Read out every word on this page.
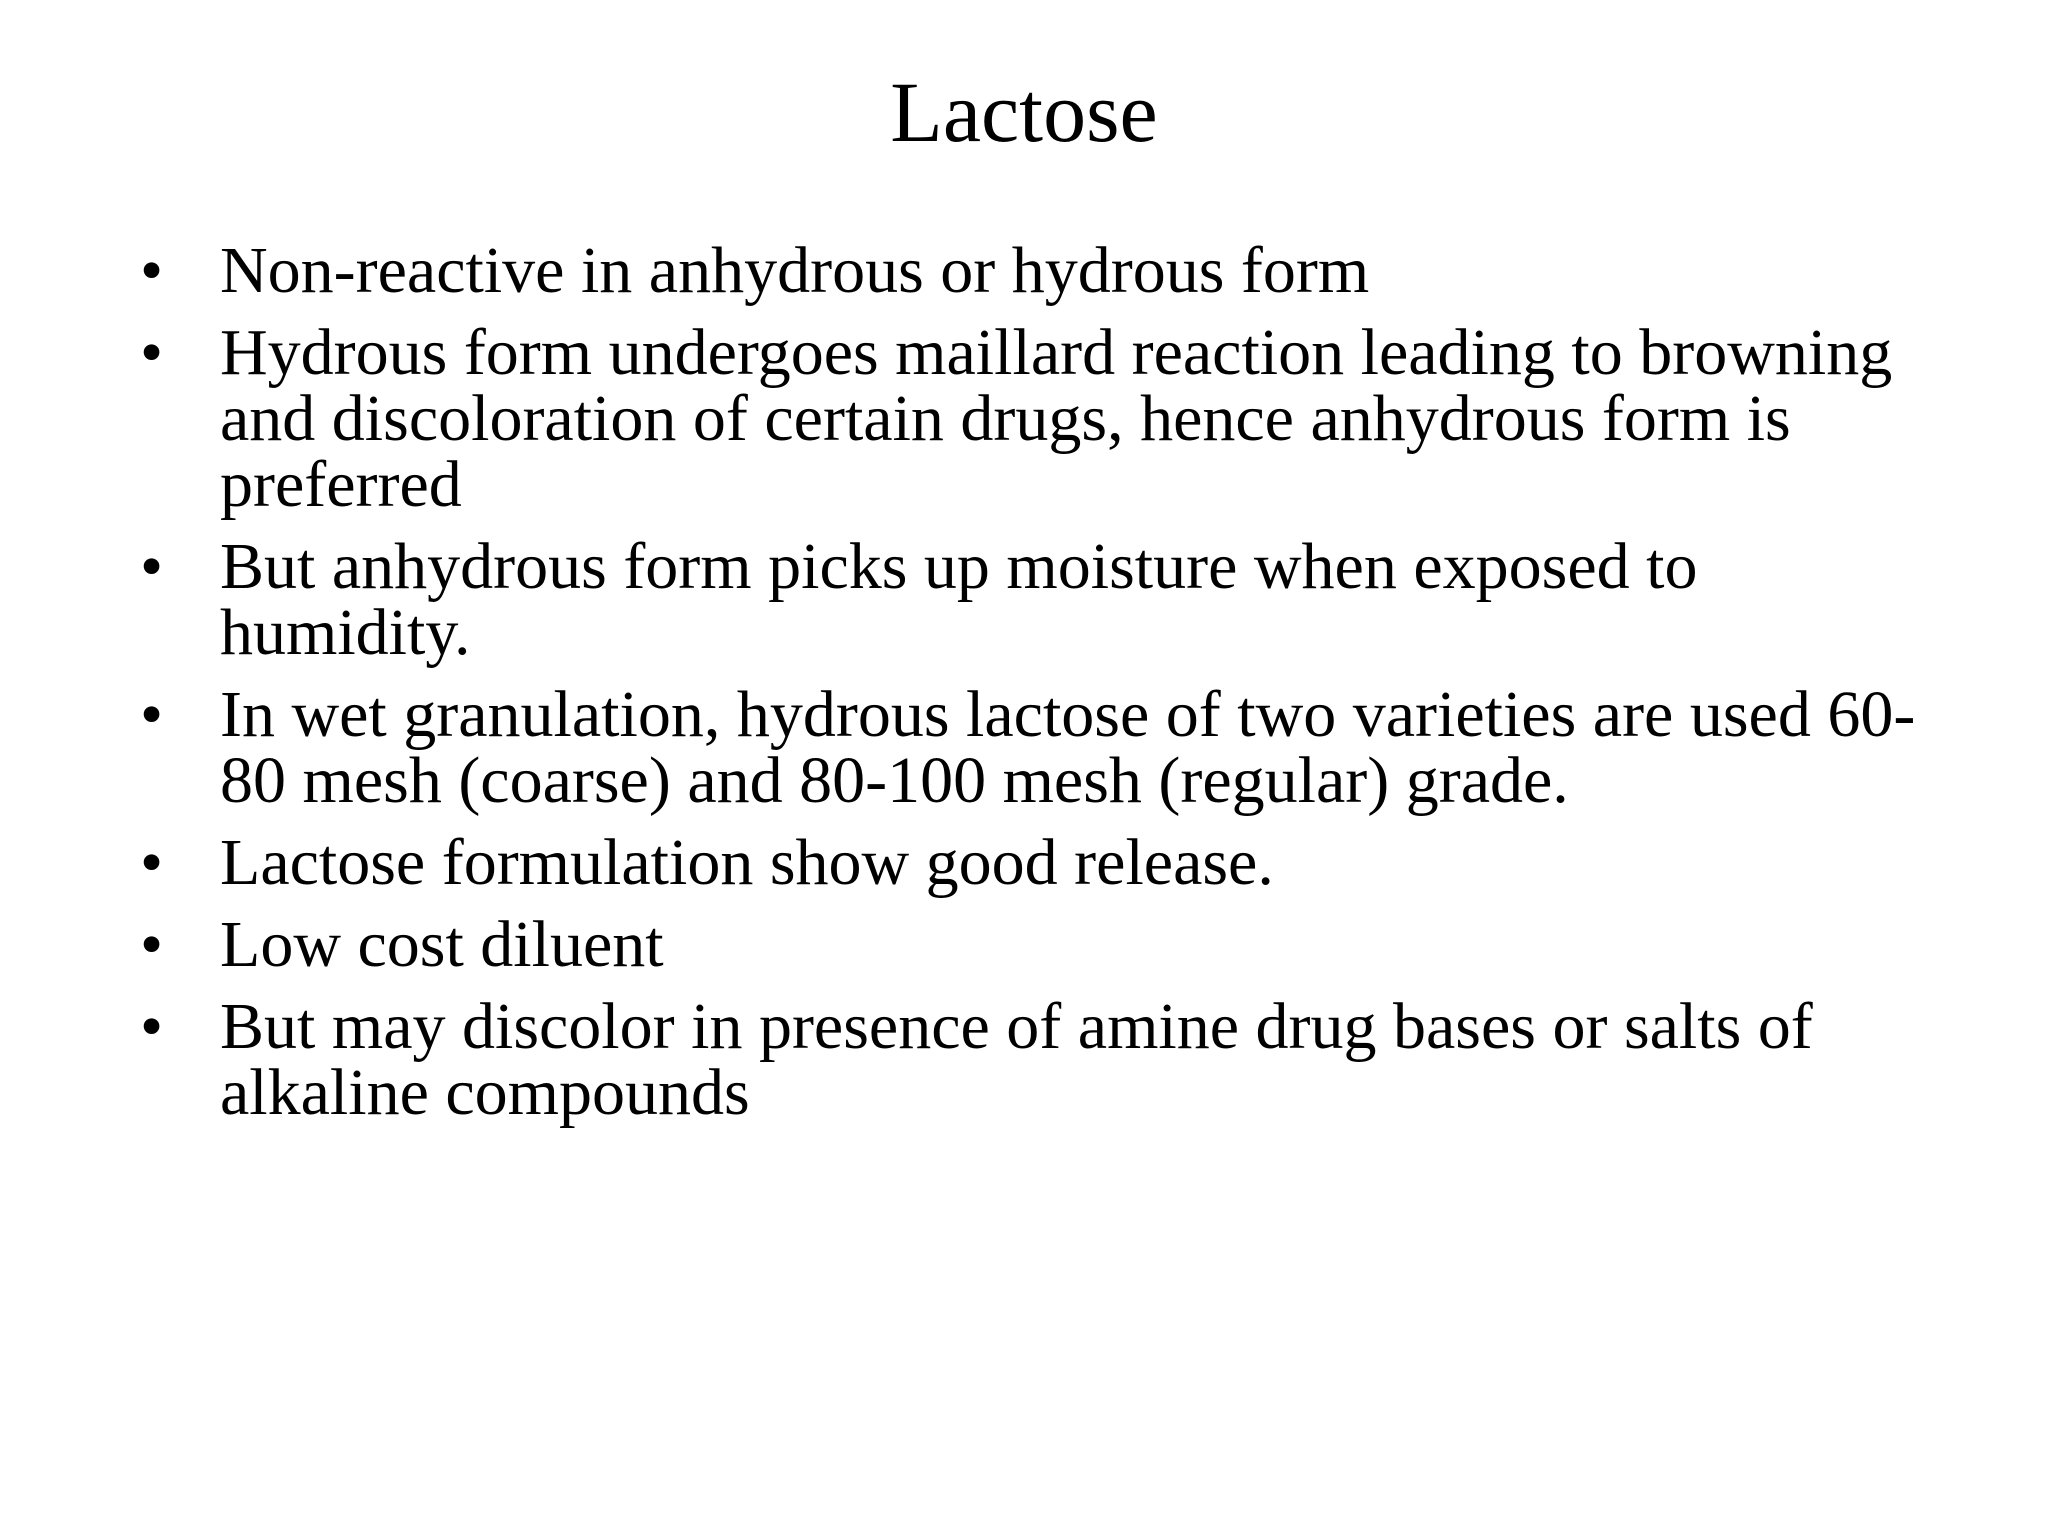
Lactose
• Non-reactive in anhydrous or hydrous form
• Hydrous form undergoes maillard reaction leading to browning and discoloration of certain drugs, hence anhydrous form is preferred
• But anhydrous form picks up moisture when exposed to humidity.
• In wet granulation, hydrous lactose of two varieties are used 60-80 mesh (coarse) and 80-100 mesh (regular) grade.
• Lactose formulation show good release.
• Low cost diluent
• But may discolor in presence of amine drug bases or salts of alkaline compounds
